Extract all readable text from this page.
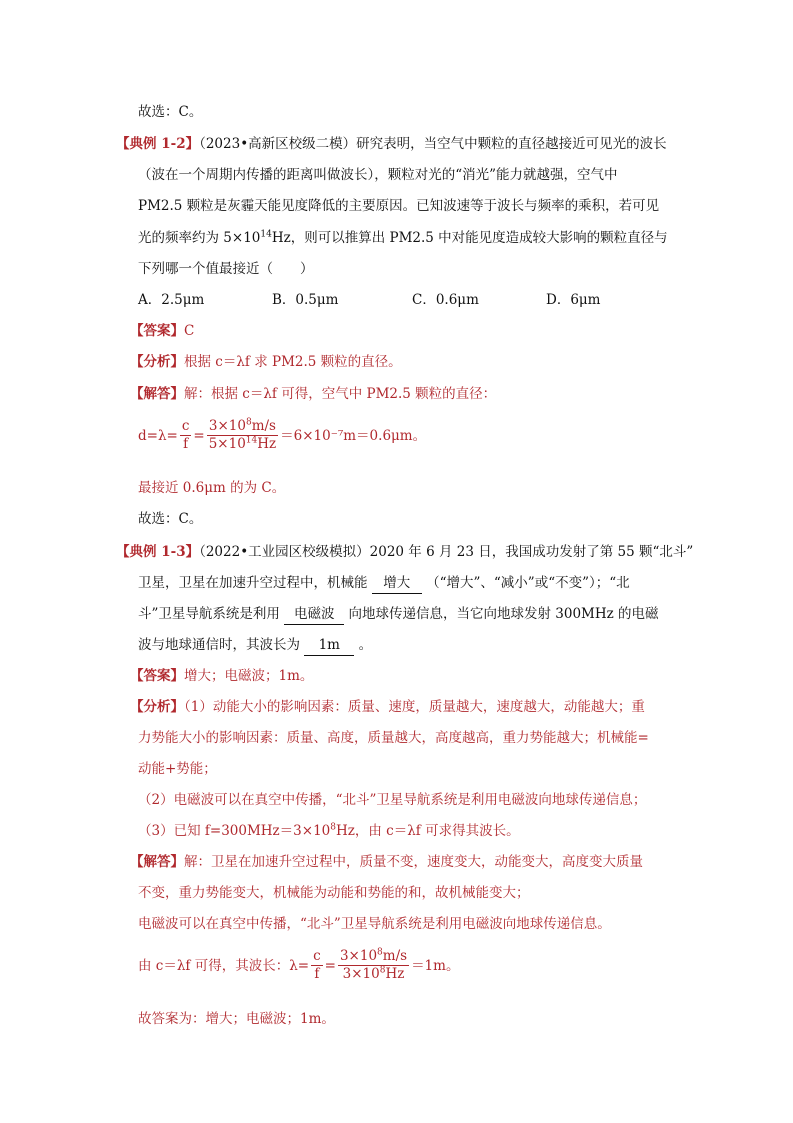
故选：C。
【典例 1-2】（2023•高新区校级二模）研究表明，当空气中颗粒的直径越接近可见光的波长
（波在一个周期内传播的距离叫做波长），颗粒对光的“消光”能力就越强，空气中
PM2.5 颗粒是灰霾天能见度降低的主要原因。已知波速等于波长与频率的乘积，若可见
光的频率约为 $5\times 10^{14}Hz$，则可以推算出 PM2.5 中对能见度造成较大影响的颗粒直径与
下列哪一个值最接近（　　）
A．2.5μm	B．0.5μm	C．0.6μm	D．6μm
【答案】C
【分析】根据 c＝λf 求 PM2.5 颗粒的直径。
【解答】解：根据 c＝λf 可得，空气中 PM2.5 颗粒的直径：
$d=\lambda= \frac{c}{f} = \frac{3\times 10^8m/s}{5\times 10^{14}Hz} =6\times 10^{-7}m=0.6\mu m$。
最接近 0.6μm 的为 C。
故选：C。
【典例 1-3】（2022•工业园区校级模拟）2020 年 6 月 23 日，我国成功发射了第 55 颗“北斗”
卫星，卫星在加速升空过程中，机械能 增大 （“增大”、“减小”或“不变”）；“北
斗”卫星导航系统是利用 电磁波 向地球传递信息，当它向地球发射 300MHz 的电磁
波与地球通信时，其波长为 1m 。
【答案】增大；电磁波；1m。
【分析】（1）动能大小的影响因素：质量、速度，质量越大，速度越大，动能越大；重
力势能大小的影响因素：质量、高度，质量越大，高度越高，重力势能越大；机械能=
动能+势能；
（2）电磁波可以在真空中传播，“北斗”卫星导航系统是利用电磁波向地球传递信息；
（3）已知 $f=300MHz=3\times 10^8Hz$，由 c＝λf 可求得其波长。
【解答】解：卫星在加速升空过程中，质量不变，速度变大，动能变大，高度变大质量
不变，重力势能变大，机械能为动能和势能的和，故机械能变大；
电磁波可以在真空中传播，“北斗”卫星导航系统是利用电磁波向地球传递信息。
由 c＝λf 可得，其波长：$\lambda= \frac{c}{f} = \frac{3\times 10^8m/s}{3\times 10^8Hz} =1m$。
故答案为：增大；电磁波；1m。
